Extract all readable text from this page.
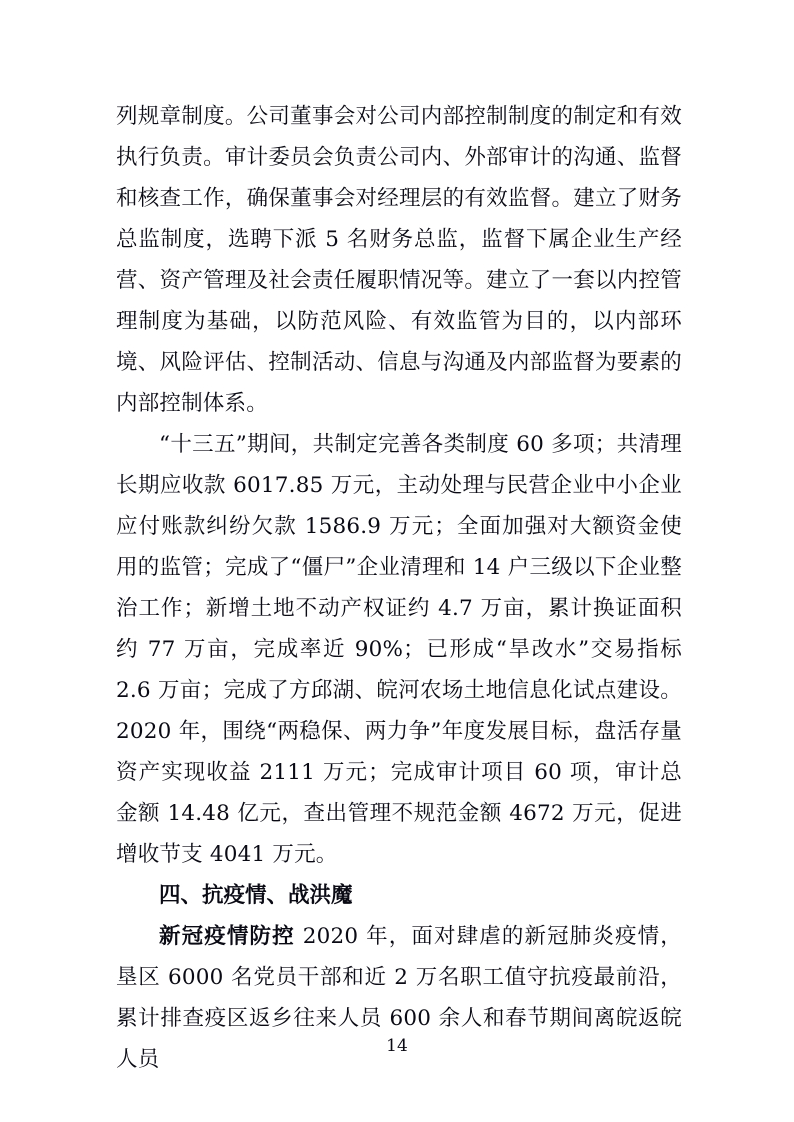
列规章制度。公司董事会对公司内部控制制度的制定和有效执行负责。审计委员会负责公司内、外部审计的沟通、监督和核查工作，确保董事会对经理层的有效监督。建立了财务总监制度，选聘下派 5 名财务总监，监督下属企业生产经营、资产管理及社会责任履职情况等。建立了一套以内控管理制度为基础，以防范风险、有效监管为目的，以内部环境、风险评估、控制活动、信息与沟通及内部监督为要素的内部控制体系。

“十三五”期间，共制定完善各类制度 60 多项；共清理长期应收款 6017.85 万元，主动处理与民营企业中小企业应付账款纠纷欠款 1586.9 万元；全面加强对大额资金使用的监管；完成了“僵尸”企业清理和 14 户三级以下企业整治工作；新增土地不动产权证约 4.7 万亩，累计换证面积约 77 万亩，完成率近 90%；已形成“旱改水”交易指标 2.6 万亩；完成了方邱湖、皖河农场土地信息化试点建设。2020 年，围绕“两稳保、两力争”年度发展目标，盘活存量资产实现收益 2111 万元；完成审计项目 60 项，审计总金额 14.48 亿元，查出管理不规范金额 4672 万元，促进增收节支 4041 万元。

四、抗疫情、战洪魔

新冠疫情防控 2020 年，面对肆虐的新冠肺炎疫情，垦区 6000 名党员干部和近 2 万名职工值守抗疫最前沿，累计排查疫区返乡往来人员 600 余人和春节期间离皖返皖人员

14
